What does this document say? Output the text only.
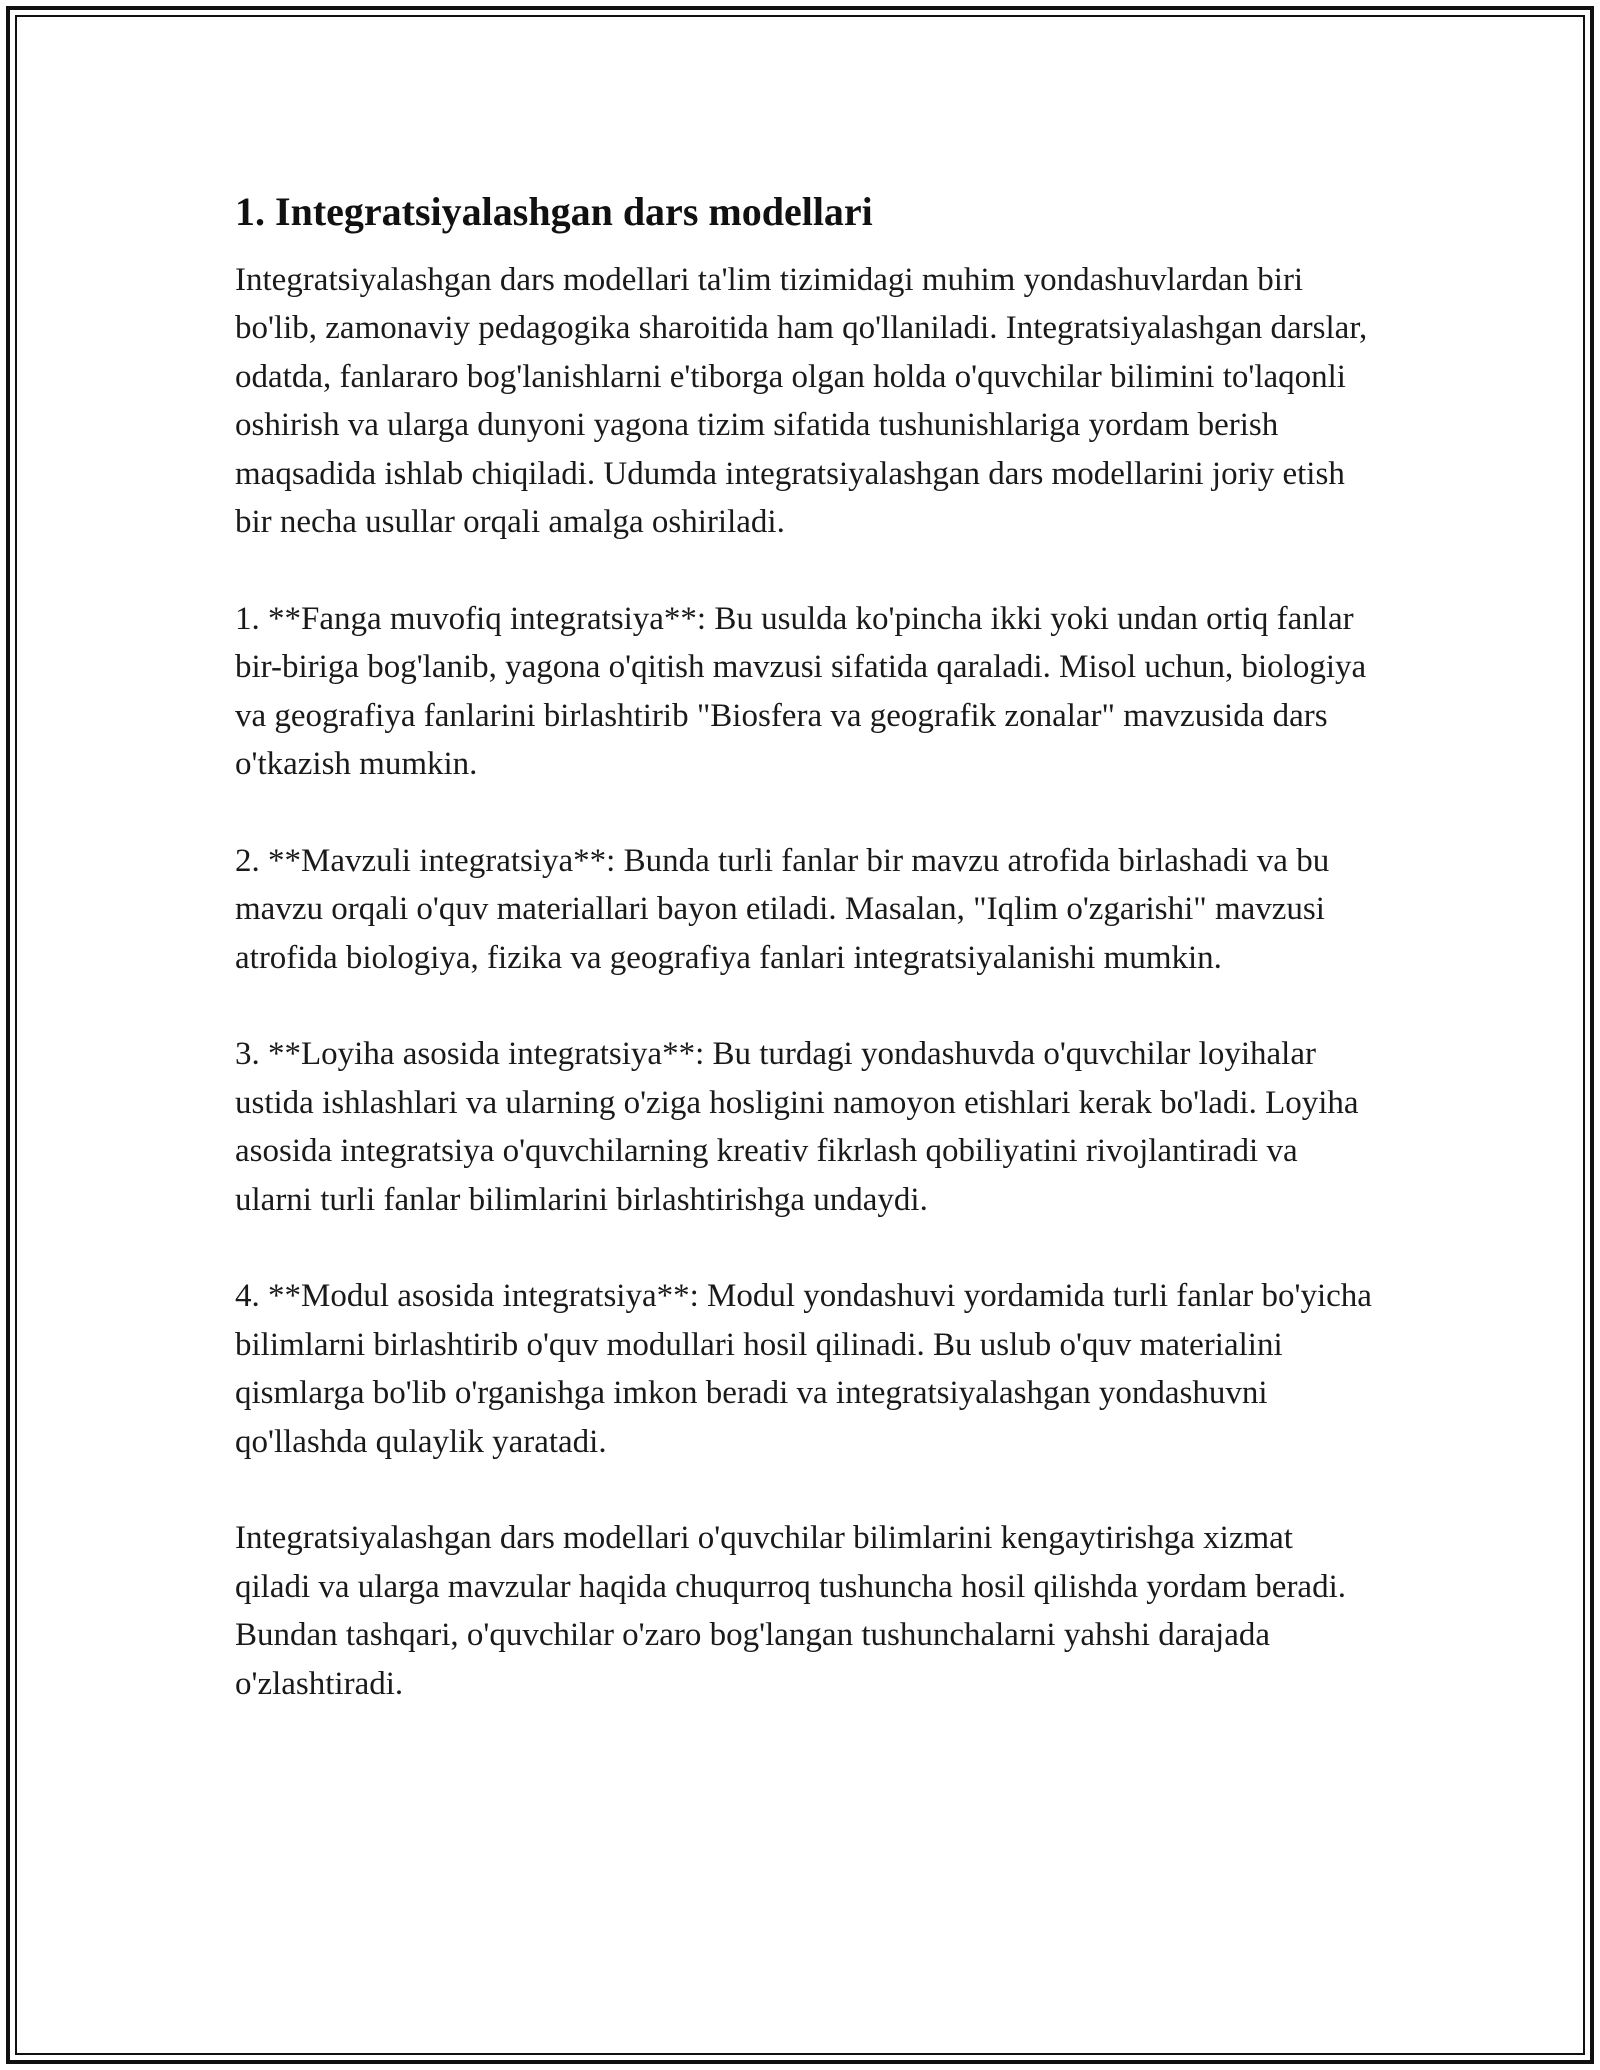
1. Integratsiyalashgan dars modellari

Integratsiyalashgan dars modellari ta'lim tizimidagi muhim yondashuvlardan biri bo'lib, zamonaviy pedagogika sharoitida ham qo'llaniladi. Integratsiyalashgan darslar, odatda, fanlararo bog'lanishlarni e'tiborga olgan holda o'quvchilar bilimini to'laqonli oshirish va ularga dunyoni yagona tizim sifatida tushunishlariga yordam berish maqsadida ishlab chiqiladi. Udumda integratsiyalashgan dars modellarini joriy etish bir necha usullar orqali amalga oshiriladi.

1. **Fanga muvofiq integratsiya**: Bu usulda ko'pincha ikki yoki undan ortiq fanlar bir-biriga bog'lanib, yagona o'qitish mavzusi sifatida qaraladi. Misol uchun, biologiya va geografiya fanlarini birlashtirib "Biosfera va geografik zonalar" mavzusida dars o'tkazish mumkin.

2. **Mavzuli integratsiya**: Bunda turli fanlar bir mavzu atrofida birlashadi va bu mavzu orqali o'quv materiallari bayon etiladi. Masalan, "Iqlim o'zgarishi" mavzusi atrofida biologiya, fizika va geografiya fanlari integratsiyalanishi mumkin.

3. **Loyiha asosida integratsiya**: Bu turdagi yondashuvda o'quvchilar loyihalar ustida ishlashlari va ularning o'ziga hosligini namoyon etishlari kerak bo'ladi. Loyiha asosida integratsiya o'quvchilarning kreativ fikrlash qobiliyatini rivojlantiradi va ularni turli fanlar bilimlarini birlashtirishga undaydi.

4. **Modul asosida integratsiya**: Modul yondashuvi yordamida turli fanlar bo'yicha bilimlarni birlashtirib o'quv modullari hosil qilinadi. Bu uslub o'quv materialini qismlarga bo'lib o'rganishga imkon beradi va integratsiyalashgan yondashuvni qo'llashda qulaylik yaratadi.

Integratsiyalashgan dars modellari o'quvchilar bilimlarini kengaytirishga xizmat qiladi va ularga mavzular haqida chuqurroq tushuncha hosil qilishda yordam beradi. Bundan tashqari, o'quvchilar o'zaro bog'langan tushunchalarni yahshi darajada o'zlashtiradi.
